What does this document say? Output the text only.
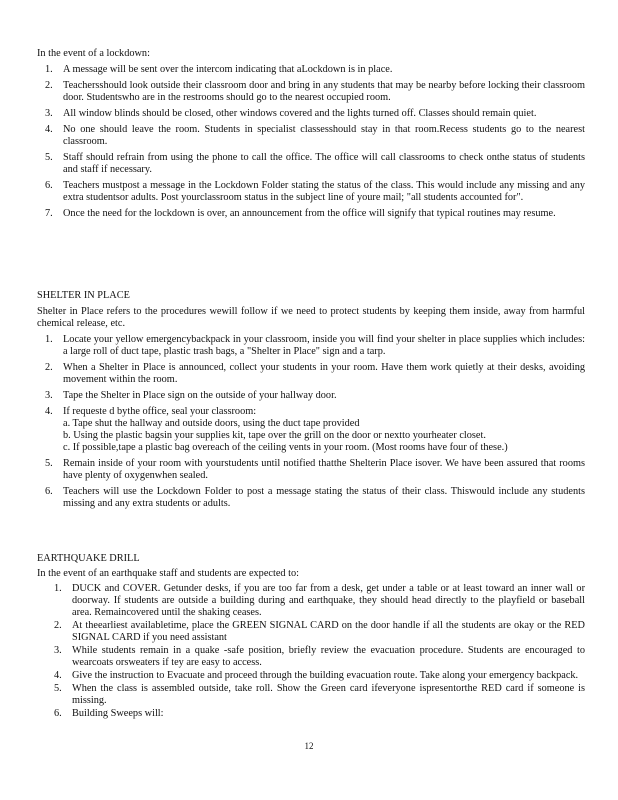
In the event of a lockdown:

1. A message will be sent over the intercom indicating that aLockdown is in place.
2. Teachersshould look outside their classroom door and bring in any students that may be nearby before locking their classroom door. Studentswho are in the restrooms should go to the nearest occupied room.
3. All window blinds should be closed, other windows covered and the lights turned off. Classes should remain quiet.
4. No one should leave the room. Students in specialist classesshould stay in that room.Recess students go to the nearest classroom.
5. Staff should refrain from using the phone to call the office. The office will call classrooms to check onthe status of students and staff if necessary.
6. Teachers mustpost a message in the Lockdown Folder stating the status of the class. This would include any missing and any extra studentsor adults. Post yourclassroom status in the subject line of youre mail; "all students accounted for".
7. Once the need for the lockdown is over, an announcement from the office will signify that typical routines may resume.

SHELTER IN PLACE

Shelter in Place refers to the procedures wewill follow if we need to protect students by keeping them inside, away from harmful chemical release, etc.

1. Locate your yellow emergencybackpack in your classroom, inside you will find your shelter in place supplies which includes: a large roll of duct tape, plastic trash bags, a "Shelter in Place" sign and a tarp.
2. When a Shelter in Place is announced, collect your students in your room. Have them work quietly at their desks, avoiding movement within the room.
3. Tape the Shelter in Place sign on the outside of your hallway door.
4. If requeste d bythe office, seal your classroom:
a. Tape shut the hallway and outside doors, using the duct tape provided
b. Using the plastic bagsin your supplies kit, tape over the grill on the door or nextto yourheater closet.
c. If possible,tape a plastic bag overeach of the ceiling vents in your room. (Most rooms have four of these.)
5. Remain inside of your room with yourstudents until notified thatthe Shelterin Place isover. We have been assured that rooms have plenty of oxygenwhen sealed.
6. Teachers will use the Lockdown Folder to post a message stating the status of their class. Thiswould include any students missing and any extra students or adults.

EARTHQUAKE DRILL

In the event of an earthquake staff and students are expected to:

1. DUCK and COVER. Getunder desks, if you are too far from a desk, get under a table or at least toward an inner wall or doorway. If students are outside a building during and earthquake, they should head directly to the playfield or baseball area. Remaincovered until the shaking ceases.
2. At theearliest availabletime, place the GREEN SIGNAL CARD on the door handle if all the students are okay or the RED SIGNAL CARD if you need assistant
3. While students remain in a quake -safe position, briefly review the evacuation procedure. Students are encouraged to wearcoats orsweaters if tey are easy to access.
4. Give the instruction to Evacuate and proceed through the building evacuation route. Take along your emergency backpack.
5. When the class is assembled outside, take roll. Show the Green card ifeveryone ispresentorthe RED card if someone is missing.
6. Building Sweeps will:
12
